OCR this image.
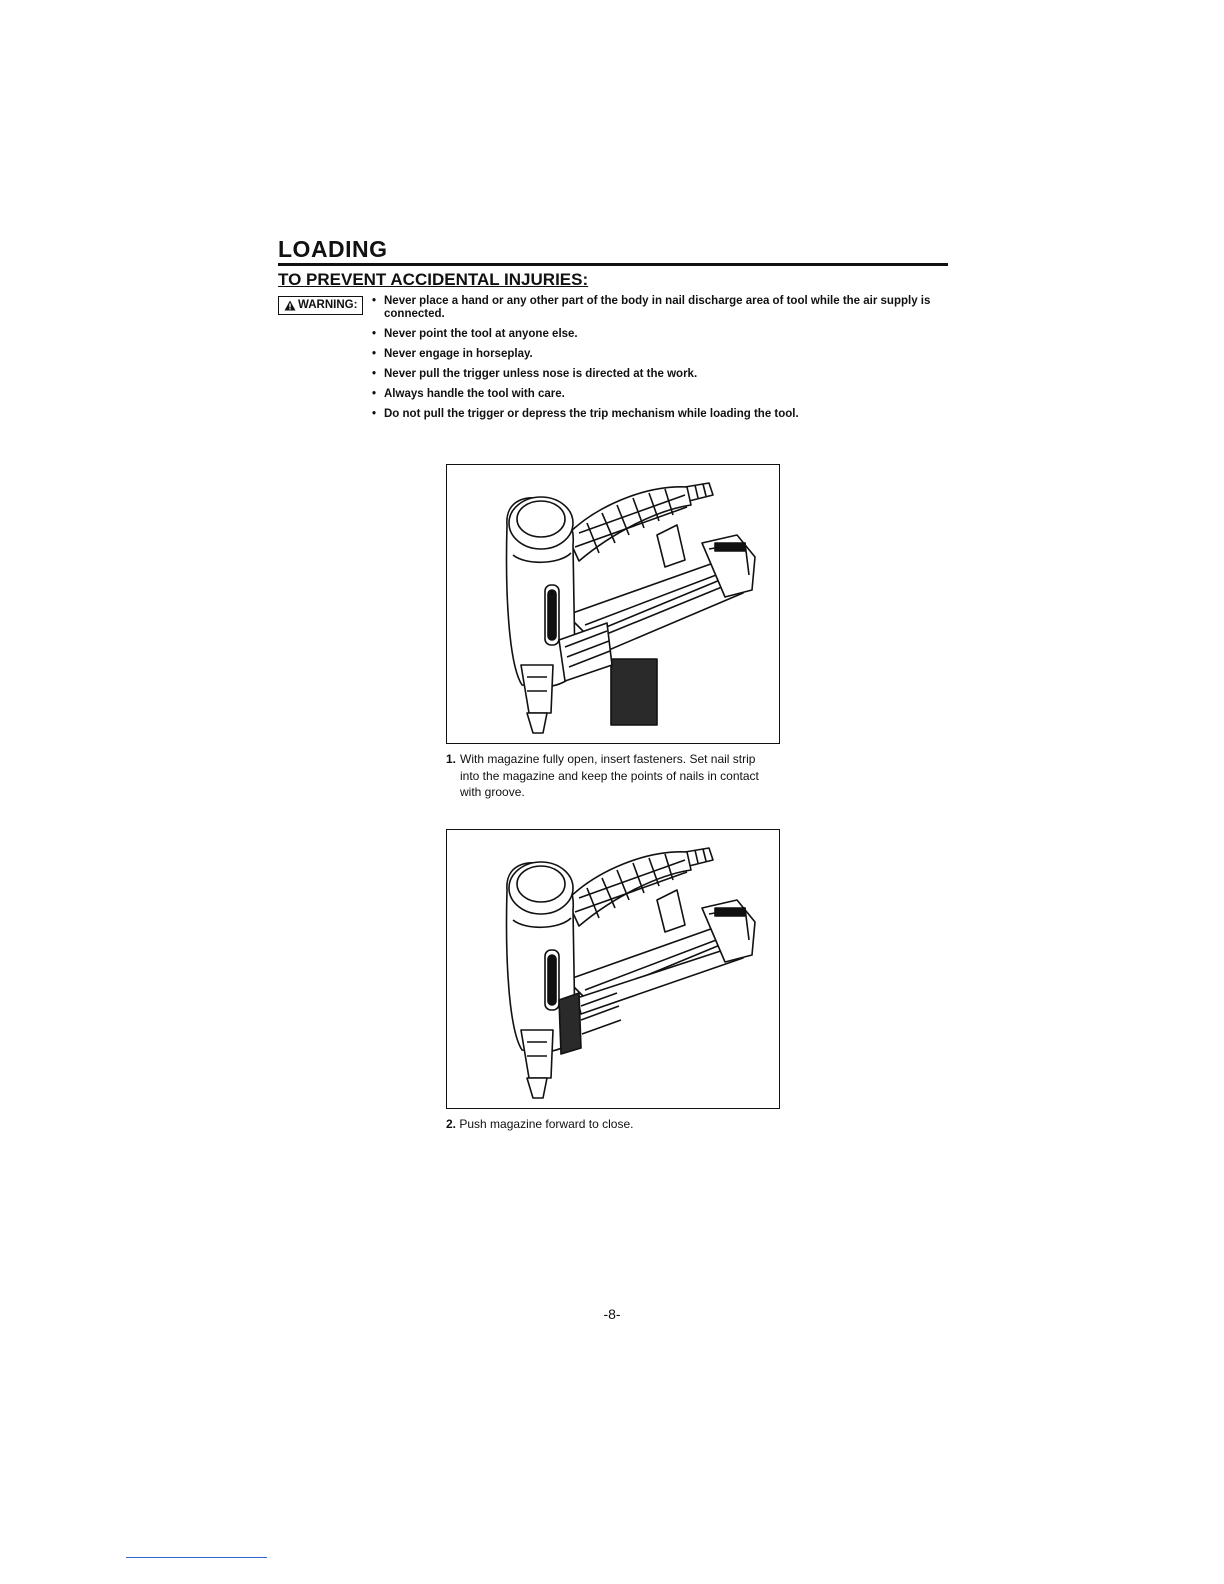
LOADING
TO PREVENT ACCIDENTAL INJURIES:
WARNING:
•	Never place a hand or any other part of the body in nail discharge area of tool while the air supply is connected.
• Never point the tool at anyone else.
• Never engage in horseplay.
• Never pull the trigger unless nose is directed at the work.
• Always handle the tool with care.
• Do not pull the trigger or depress the trip mechanism while loading the tool.

1. With magazine fully open, insert fasteners. Set nail strip into the magazine and keep the points of nails in contact with groove.

2. Push magazine forward to close.

-8-
